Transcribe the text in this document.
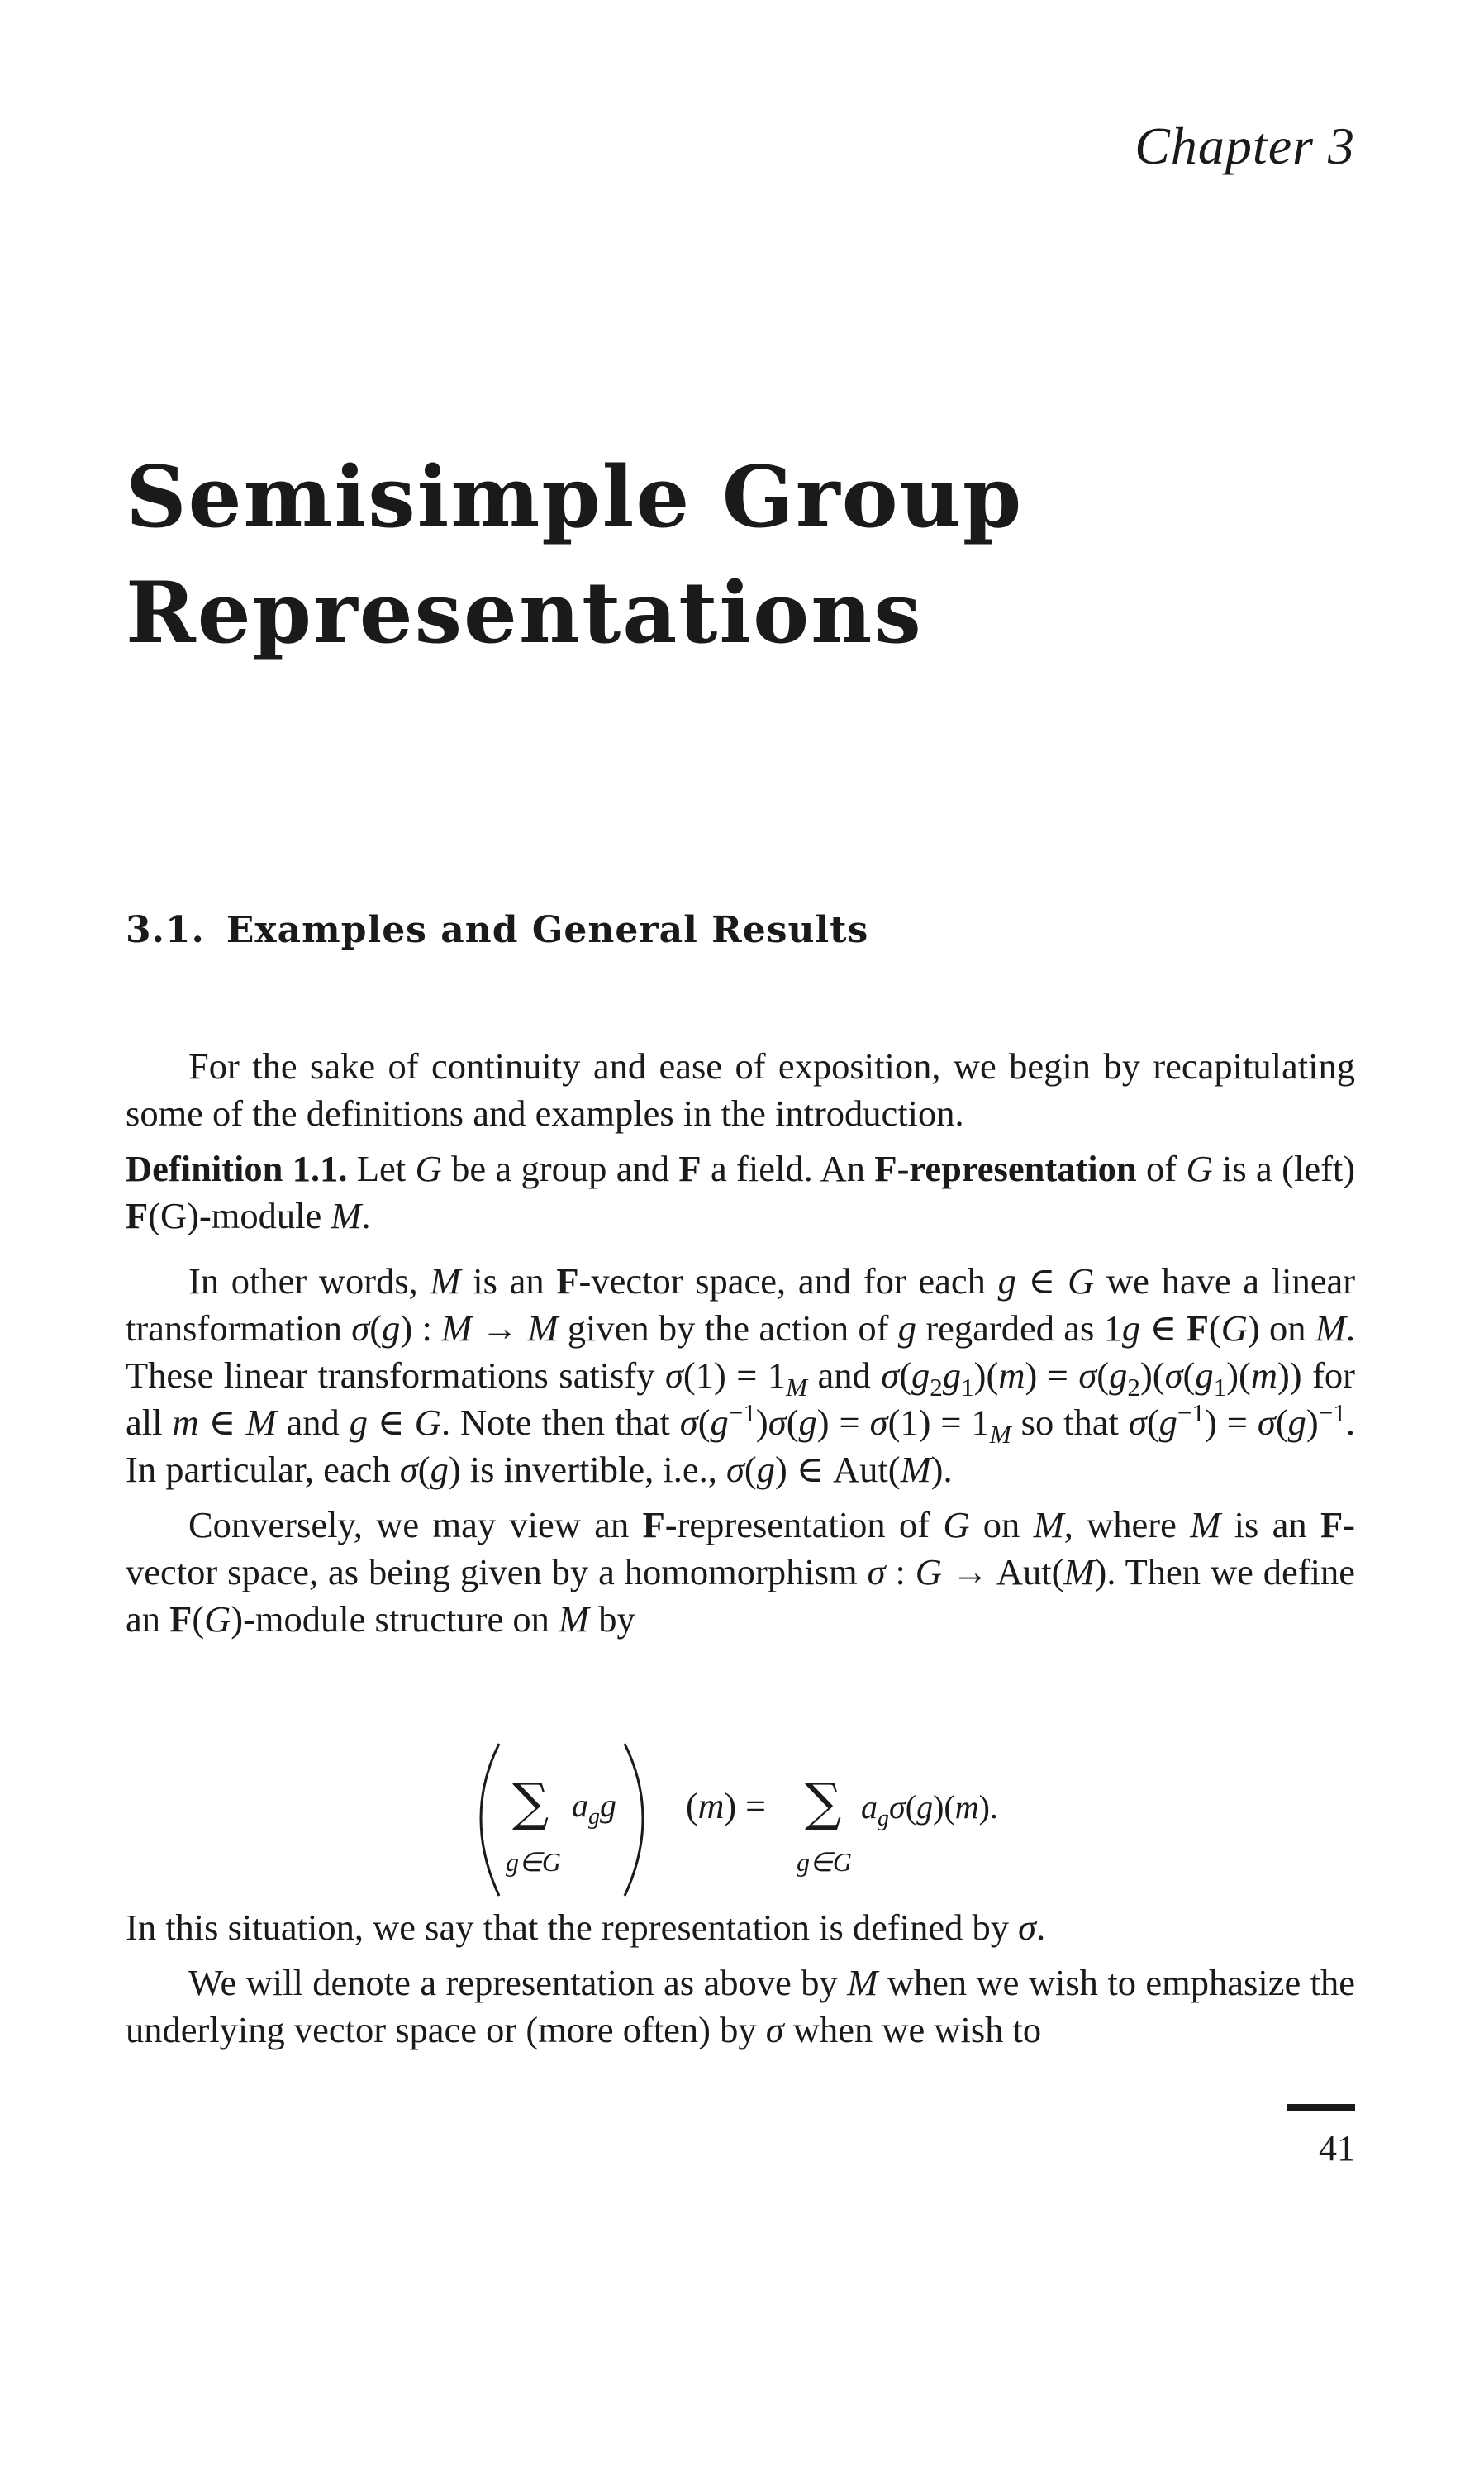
Chapter 3
Semisimple Group
Representations
3.1. Examples and General Results

For the sake of continuity and ease of exposition, we begin by recapitulating some of the definitions and examples in the introduction.

Definition 1.1. Let G be a group and F a field. An F-representation of G is a (left) F(G)-module M.

In other words, M is an F-vector space, and for each g ∈ G we have a linear transformation σ(g) : M → M given by the action of g regarded as 1g ∈ F(G) on M. These linear transformations satisfy $\sigma(1) = 1_M$ and $\sigma(g_2g_1)(m) = \sigma(g_2)(\sigma(g_1)(m))$ for all m ∈ M and g ∈ G. Note then that $\sigma(g^{-1})\sigma(g) = \sigma(1) = 1_M$ so that $\sigma(g^{-1}) = \sigma(g)^{-1}$. In particular, each σ(g) is invertible, i.e., σ(g) ∈ Aut(M).

Conversely, we may view an F-representation of G on M, where M is an F-vector space, as being given by a homomorphism σ : G → Aut(M). Then we define an F(G)-module structure on M by

∑ $a_gg$
g∈G
(m) = ∑ $a_g\sigma(g)(m)$.
g∈G

In this situation, we say that the representation is defined by σ.

We will denote a representation as above by M when we wish to emphasize the underlying vector space or (more often) by σ when we wish to

41
